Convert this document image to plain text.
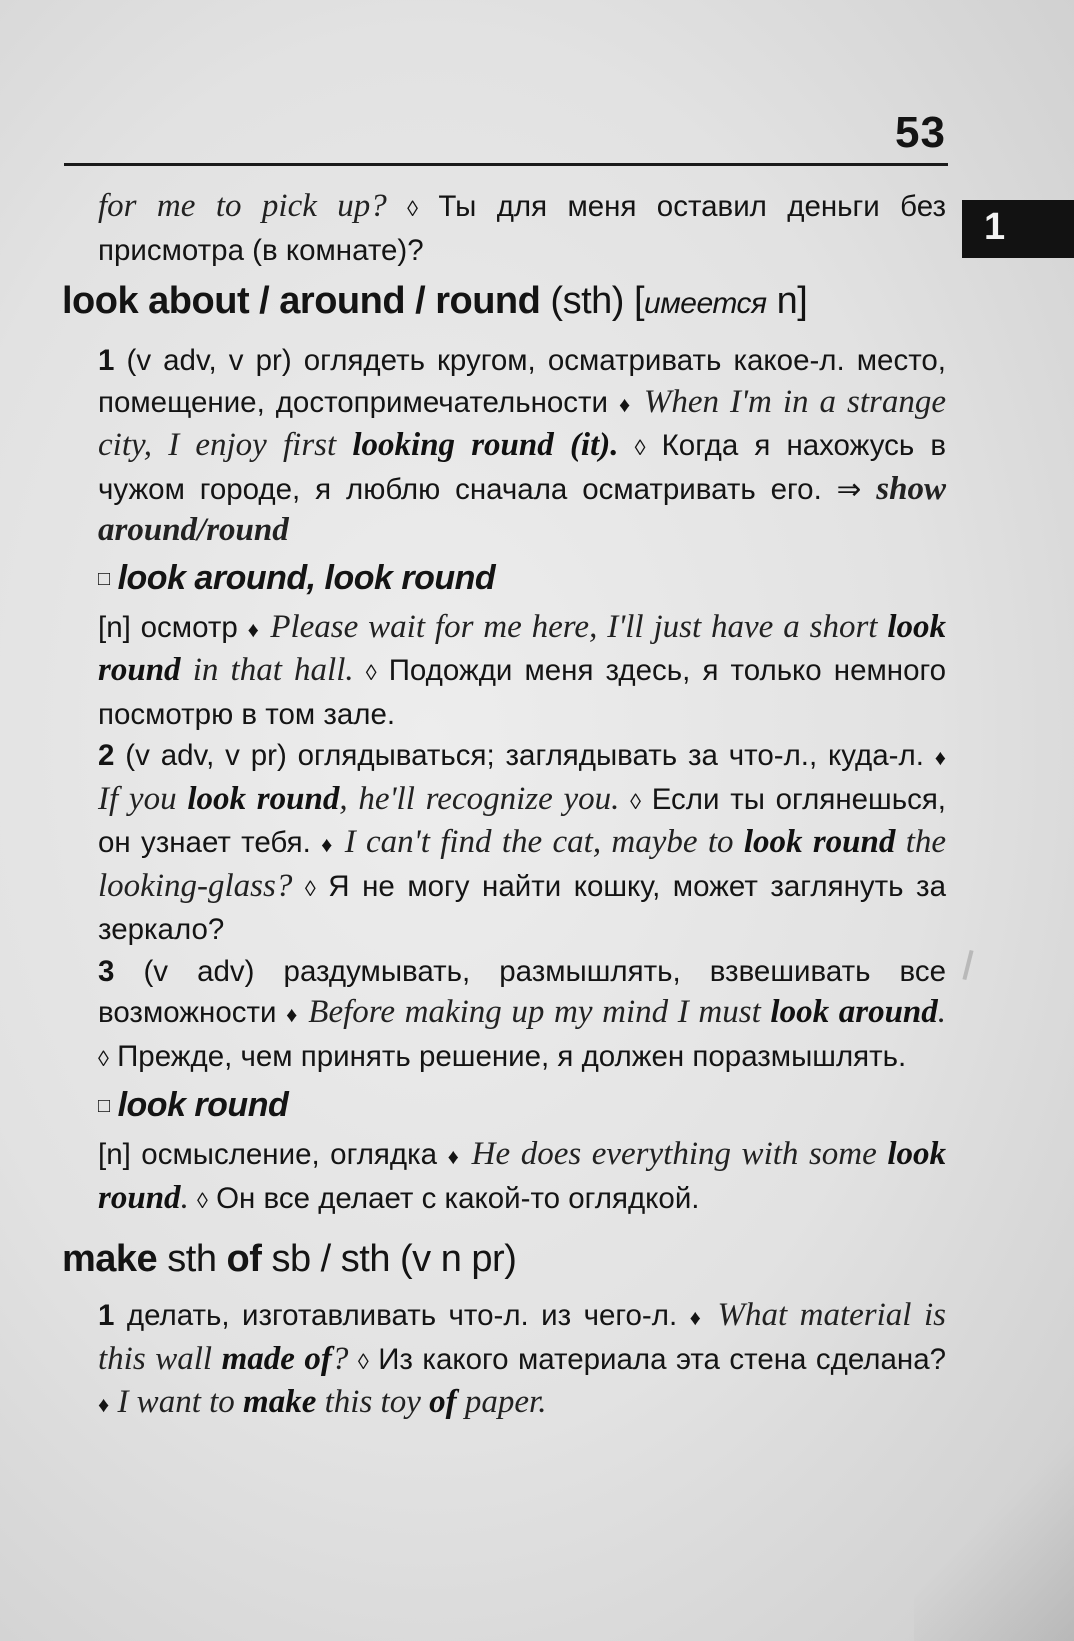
53
1

for me to pick up? ◊ Ты для меня оставил деньги без присмотра (в комнате)?

look about / around / round (sth) [имеется n]

1 (v adv, v pr) оглядеть кругом, осматривать какое-л. место, помещение, достопримечательности ♦ When I'm in a strange city, I enjoy first looking round (it). ◊ Когда я нахожусь в чужом городе, я люблю сначала осматривать его. ⇒ show around/round

□ look around, look round

[n] осмотр ♦ Please wait for me here, I'll just have a short look round in that hall. ◊ Подожди меня здесь, я только немного посмотрю в том зале.

2 (v adv, v pr) оглядываться; заглядывать за что-л., куда-л. ♦ If you look round, he'll recognize you. ◊ Если ты оглянешься, он узнает тебя. ♦ I can't find the cat, maybe to look round the looking-glass? ◊ Я не могу найти кошку, может заглянуть за зеркало?

3 (v adv) раздумывать, размышлять, взвешивать все возможности ♦ Before making up my mind I must look around. ◊ Прежде, чем принять решение, я должен поразмышлять.

□ look round

[n] осмысление, оглядка ♦ He does everything with some look round. ◊ Он все делает с какой-то оглядкой.

make sth of sb / sth (v n pr)

1 делать, изготавливать что-л. из чего-л. ♦ What material is this wall made of? ◊ Из какого материала эта стена сделана? ♦ I want to make this toy of paper.
